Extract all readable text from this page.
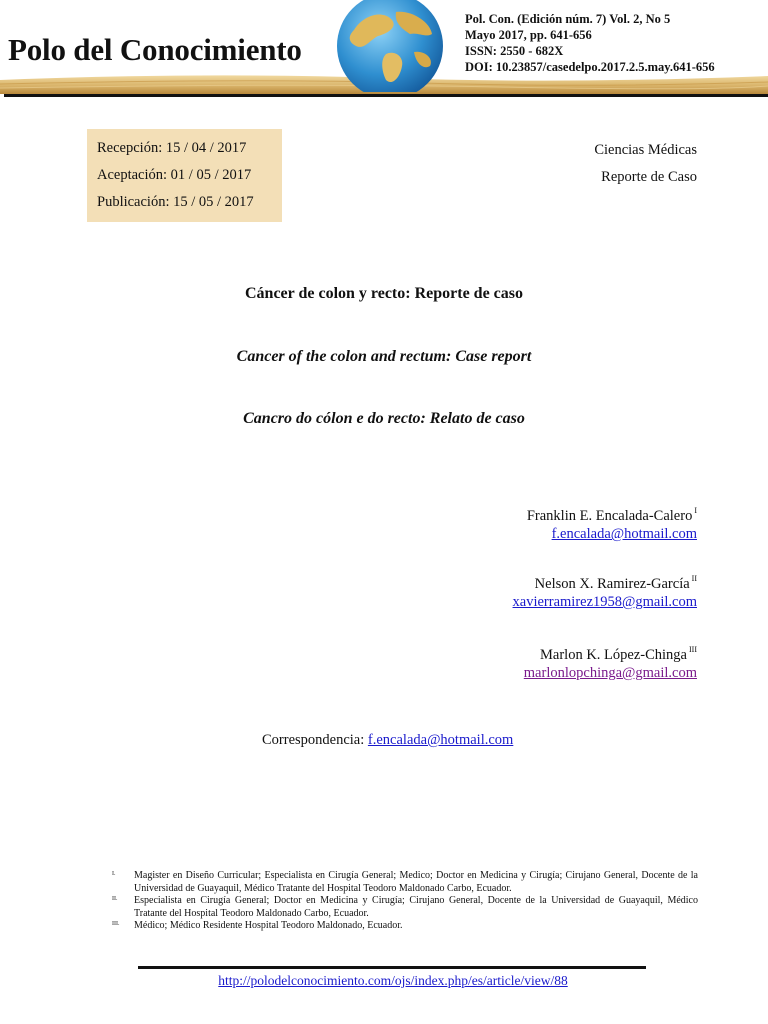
Polo del Conocimiento
Pol. Con. (Edición núm. 7) Vol. 2, No 5
Mayo 2017, pp. 641-656
ISSN: 2550 - 682X
DOI: 10.23857/casedelpo.2017.2.5.may.641-656
Recepción: 15 / 04 / 2017
Aceptación: 01 / 05 / 2017
Publicación: 15 / 05 / 2017
Ciencias Médicas
Reporte de Caso
Cáncer de colon y recto: Reporte de caso
Cancer of the colon and rectum: Case report
Cancro do cólon e do recto: Relato de caso
Franklin E. Encalada-Calero $^I$
f.encalada@hotmail.com
Nelson X. Ramirez-García $^{II}$
xavierramirez1958@gmail.com
Marlon K. López-Chinga $^{III}$
marlonlopchinga@gmail.com
Correspondencia: f.encalada@hotmail.com
I. Magister en Diseño Curricular; Especialista en Cirugía General; Medico; Doctor en Medicina y Cirugía; Cirujano General, Docente de la Universidad de Guayaquil, Médico Tratante del Hospital Teodoro Maldonado Carbo, Ecuador.
II. Especialista en Cirugía General; Doctor en Medicina y Cirugía; Cirujano General, Docente de la Universidad de Guayaquil, Médico Tratante del Hospital Teodoro Maldonado Carbo, Ecuador.
III. Médico; Médico Residente Hospital Teodoro Maldonado, Ecuador.
http://polodelconocimiento.com/ojs/index.php/es/article/view/88
